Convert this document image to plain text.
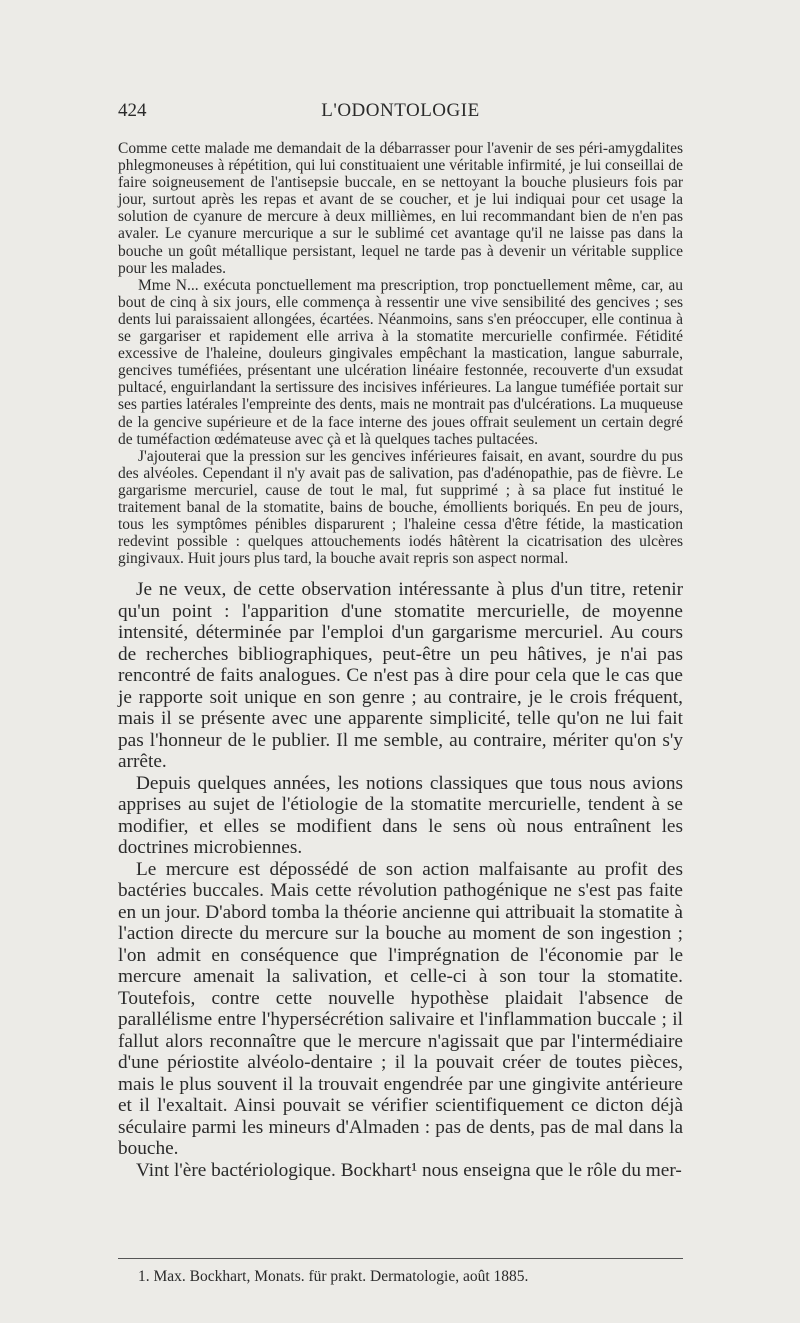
424	L'ODONTOLOGIE

Comme cette malade me demandait de la débarrasser pour l'avenir de ses péri-amygdalites phlegmoneuses à répétition, qui lui constituaient une véritable infirmité, je lui conseillai de faire soigneusement de l'antisepsie buccale, en se nettoyant la bouche plusieurs fois par jour, surtout après les repas et avant de se coucher, et je lui indiquai pour cet usage la solution de cyanure de mercure à deux millièmes, en lui recommandant bien de n'en pas avaler. Le cyanure mercurique a sur le sublimé cet avantage qu'il ne laisse pas dans la bouche un goût métallique persistant, lequel ne tarde pas à devenir un véritable supplice pour les malades.

Mme N... exécuta ponctuellement ma prescription, trop ponctuellement même, car, au bout de cinq à six jours, elle commença à ressentir une vive sensibilité des gencives ; ses dents lui paraissaient allongées, écartées. Néanmoins, sans s'en préoccuper, elle continua à se gargariser et rapidement elle arriva à la stomatite mercurielle confirmée. Fétidité excessive de l'haleine, douleurs gingivales empêchant la mastication, langue saburrale, gencives tuméfiées, présentant une ulcération linéaire festonnée, recouverte d'un exsudat pultacé, enguirlandant la sertissure des incisives inférieures. La langue tuméfiée portait sur ses parties latérales l'empreinte des dents, mais ne montrait pas d'ulcérations. La muqueuse de la gencive supérieure et de la face interne des joues offrait seulement un certain degré de tuméfaction œdémateuse avec çà et là quelques taches pultacées.

J'ajouterai que la pression sur les gencives inférieures faisait, en avant, sourdre du pus des alvéoles. Cependant il n'y avait pas de salivation, pas d'adénopathie, pas de fièvre. Le gargarisme mercuriel, cause de tout le mal, fut supprimé ; à sa place fut institué le traitement banal de la stomatite, bains de bouche, émollients boriqués. En peu de jours, tous les symptômes pénibles disparurent ; l'haleine cessa d'être fétide, la mastication redevint possible : quelques attouchements iodés hâtèrent la cicatrisation des ulcères gingivaux. Huit jours plus tard, la bouche avait repris son aspect normal.

Je ne veux, de cette observation intéressante à plus d'un titre, retenir qu'un point : l'apparition d'une stomatite mercurielle, de moyenne intensité, déterminée par l'emploi d'un gargarisme mercuriel. Au cours de recherches bibliographiques, peut-être un peu hâtives, je n'ai pas rencontré de faits analogues. Ce n'est pas à dire pour cela que le cas que je rapporte soit unique en son genre ; au contraire, je le crois fréquent, mais il se présente avec une apparente simplicité, telle qu'on ne lui fait pas l'honneur de le publier. Il me semble, au contraire, mériter qu'on s'y arrête.

Depuis quelques années, les notions classiques que tous nous avions apprises au sujet de l'étiologie de la stomatite mercurielle, tendent à se modifier, et elles se modifient dans le sens où nous entraînent les doctrines microbiennes.

Le mercure est dépossédé de son action malfaisante au profit des bactéries buccales. Mais cette révolution pathogénique ne s'est pas faite en un jour. D'abord tomba la théorie ancienne qui attribuait la stomatite à l'action directe du mercure sur la bouche au moment de son ingestion ; l'on admit en conséquence que l'imprégnation de l'économie par le mercure amenait la salivation, et celle-ci à son tour la stomatite. Toutefois, contre cette nouvelle hypothèse plaidait l'absence de parallélisme entre l'hypersécrétion salivaire et l'inflammation buccale ; il fallut alors reconnaître que le mercure n'agissait que par l'intermédiaire d'une périostite alvéolo-dentaire ; il la pouvait créer de toutes pièces, mais le plus souvent il la trouvait engendrée par une gingivite antérieure et il l'exaltait. Ainsi pouvait se vérifier scientifiquement ce dicton déjà séculaire parmi les mineurs d'Almaden : pas de dents, pas de mal dans la bouche.

Vint l'ère bactériologique. Bockhart¹ nous enseigna que le rôle du mer-

1. Max. Bockhart, Monats. für prakt. Dermatologie, août 1885.
